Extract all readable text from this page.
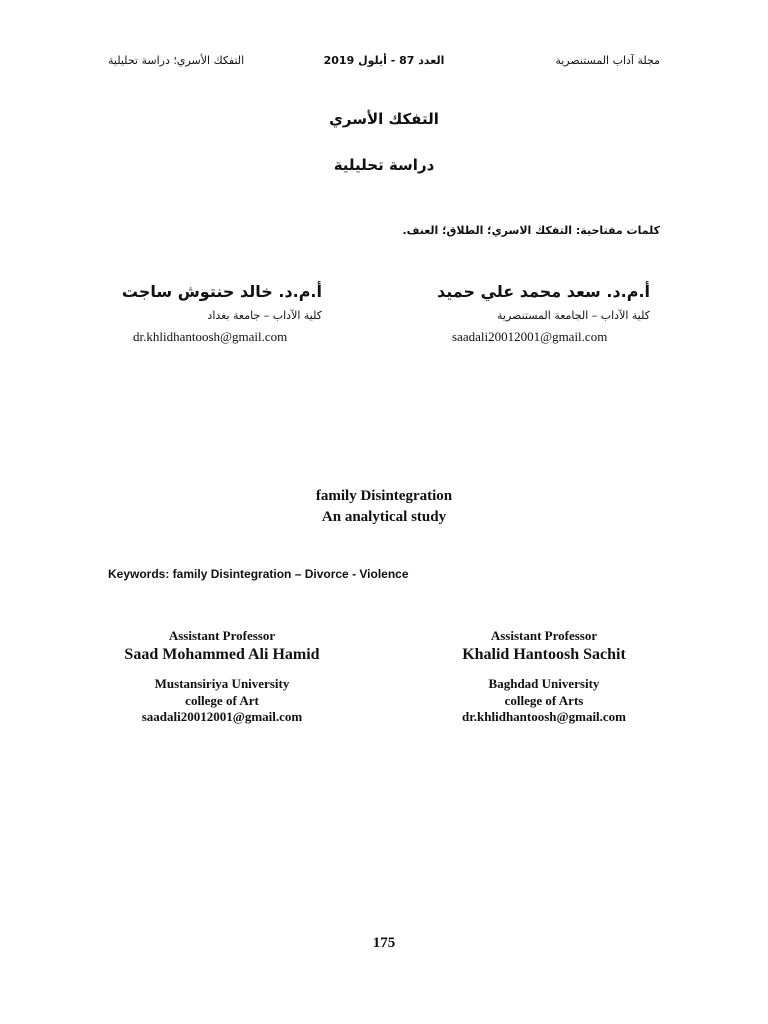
مجلة آداب المستنصرية
العدد 87 - أيلول 2019
التفكك الأسري؛ دراسة تحليلية
التفكك الأسري
دراسة تحليلية
كلمات مفتاحية: التفكك الاسري؛ الطلاق؛ العنف.
أ.م.د. سعد محمد علي حميد
أ.م.د. خالد حنتوش ساجت
كلية الآداب – الجامعة المستنصرية
كلية الآداب – جامعة بغداد
saadali20012001@gmail.com
dr.khlidhantoosh@gmail.com
family Disintegration
An analytical study
Keywords: family Disintegration – Divorce - Violence
Assistant Professor
Saad Mohammed Ali Hamid
Mustansiriya University
college of Art
saadali20012001@gmail.com
Assistant Professor
Khalid Hantoosh Sachit
Baghdad University
college of Arts
dr.khlidhantoosh@gmail.com
175
